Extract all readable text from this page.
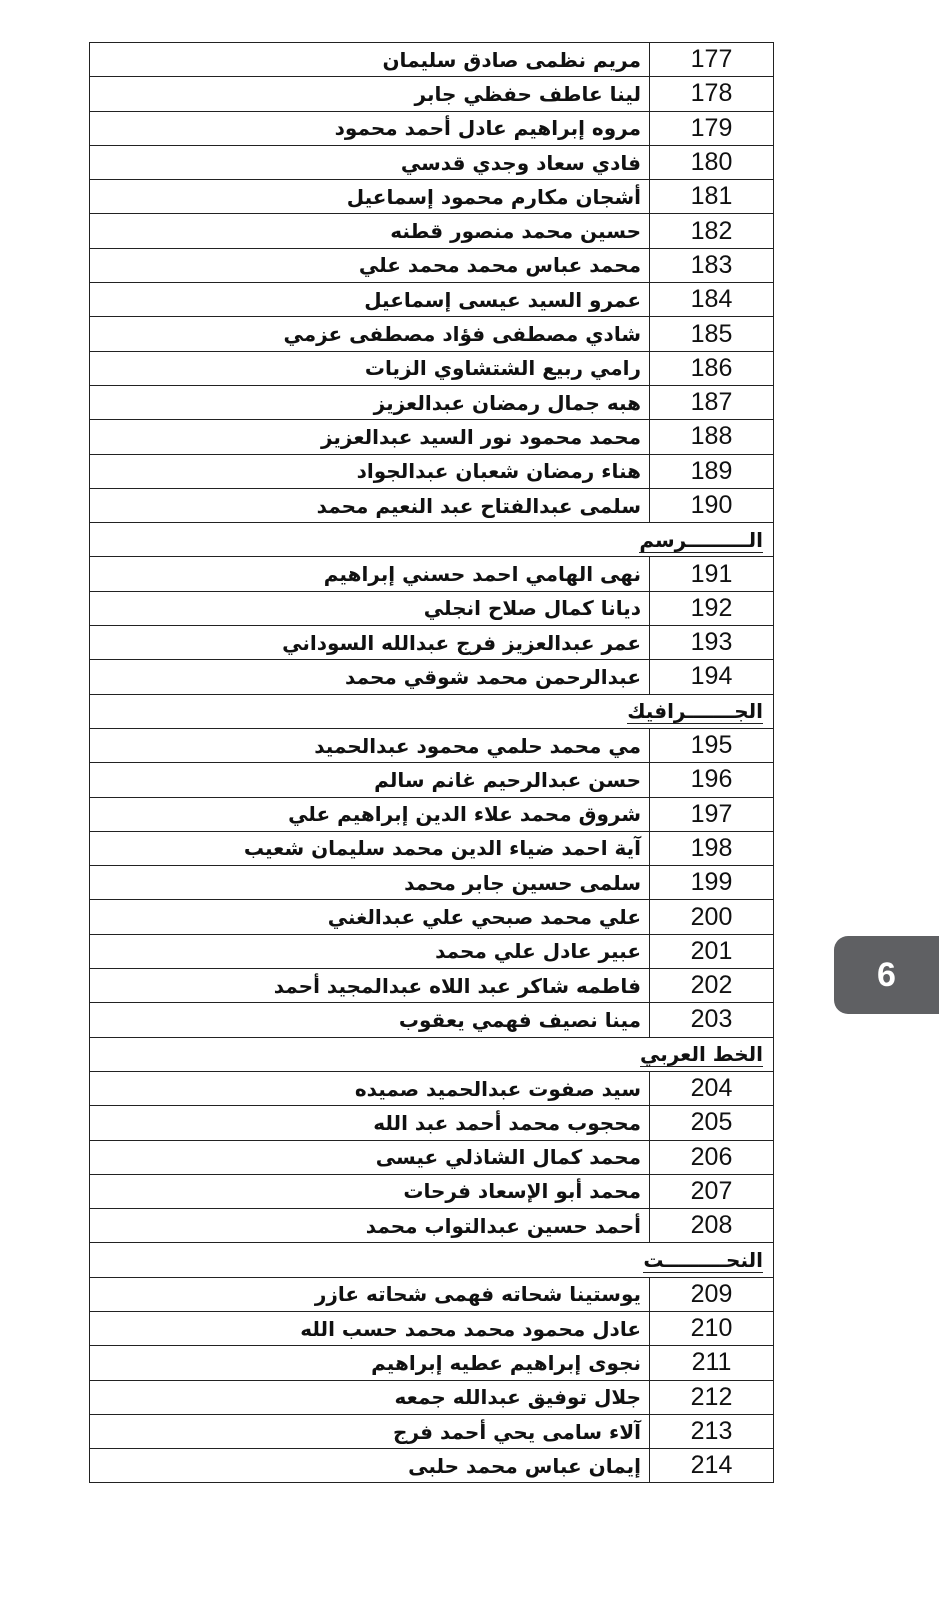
177	مريم نظمى صادق سليمان
178	لينا عاطف حفظي جابر
179	مروه إبراهيم عادل أحمد محمود
180	فادي سعاد وجدي قدسي
181	أشجان مكارم محمود إسماعيل
182	حسين محمد منصور قطنه
183	محمد عباس محمد محمد علي
184	عمرو السيد عيسى إسماعيل
185	شادي مصطفى فؤاد مصطفى عزمي
186	رامي ربيع الشتشاوي الزيات
187	هبه جمال رمضان عبدالعزيز
188	محمد محمود نور السيد عبدالعزيز
189	هناء رمضان شعبان عبدالجواد
190	سلمى عبدالفتاح عبد النعيم محمد
الـــــــــرسم	
191	نهى الهامي احمد حسني إبراهيم
192	ديانا كمال صلاح انجلي
193	عمر عبدالعزيز فرج عبدالله السوداني
194	عبدالرحمن محمد شوقي محمد
الجـــــــرافيك	
195	مي محمد حلمي محمود عبدالحميد
196	حسن عبدالرحيم غانم سالم
197	شروق محمد علاء الدين إبراهيم علي
198	آية احمد ضياء الدين محمد سليمان شعيب
199	سلمى حسين جابر محمد
200	علي محمد صبحي علي عبدالغني
201	عبير عادل علي محمد
202	فاطمه شاكر عبد اللاه عبدالمجيد أحمد
203	مينا نصيف فهمي يعقوب
الخط العربي	
204	سيد صفوت عبدالحميد صميده
205	محجوب محمد أحمد عبد الله
206	محمد كمال الشاذلي عيسى
207	محمد أبو الإسعاد فرحات
208	أحمد حسين عبدالتواب محمد
النحـــــــــت	
209	يوستينا شحاته فهمى شحاته عازر
210	عادل محمود محمد محمد حسب الله
211	نجوى إبراهيم عطيه إبراهيم
212	جلال توفيق عبدالله جمعه
213	آلاء سامى يحي أحمد فرج
214	إيمان عباس محمد حلبى
6
